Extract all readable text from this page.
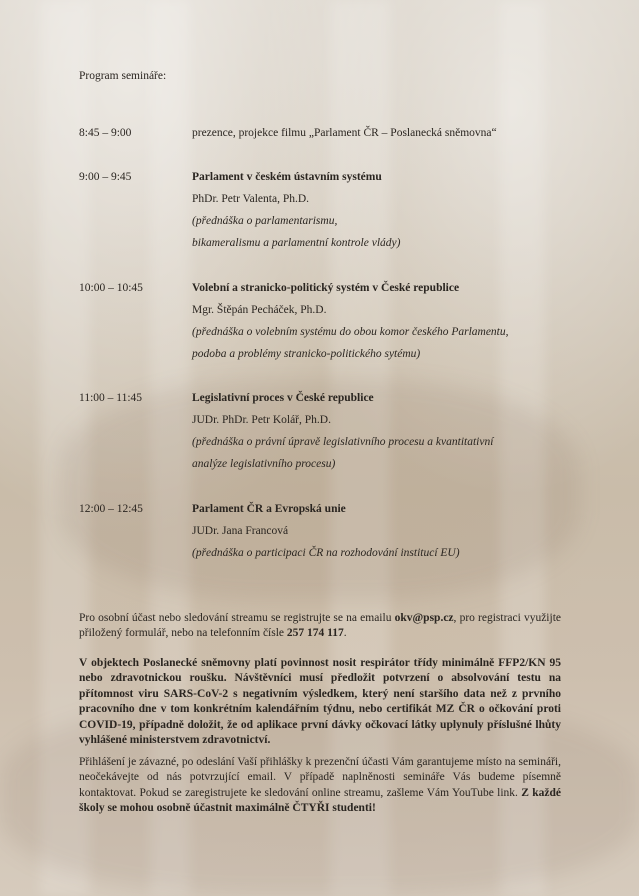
Program semináře:
8:45 – 9:00	prezence, projekce filmu „Parlament ČR – Poslanecká sněmovna“
9:00 – 9:45	Parlament v českém ústavním systému
PhDr. Petr Valenta, Ph.D.
(přednáška o parlamentarismu,
bikameralismu a parlamentní kontrole vlády)
10:00 – 10:45	Volební a stranicko-politický systém v České republice
Mgr. Štěpán Pecháček, Ph.D.
(přednáška o volebním systému do obou komor českého Parlamentu,
podoba a problémy stranicko-politického sytému)
11:00 – 11:45	Legislativní proces v České republice
JUDr. PhDr. Petr Kolář, Ph.D.
(přednáška o právní úpravě legislativního procesu a kvantitativní
analýze legislativního procesu)
12:00 – 12:45	Parlament ČR a Evropská unie
JUDr. Jana Francová
(přednáška o participaci ČR na rozhodování institucí EU)
Pro osobní účast nebo sledování streamu se registrujte se na emailu okv@psp.cz, pro registraci využijte přiložený formulář, nebo na telefonním čísle 257 174 117.
V objektech Poslanecké sněmovny platí povinnost nosit respirátor třídy minimálně FFP2/KN 95 nebo zdravotnickou roušku. Návštěvníci musí předložit potvrzení o absolvování testu na přítomnost viru SARS-CoV-2 s negativním výsledkem, který není staršího data než z prvního pracovního dne v tom konkrétním kalendářním týdnu, nebo certifikát MZ ČR o očkování proti COVID-19, případně doložit, že od aplikace první dávky očkovací látky uplynuly příslušné lhůty vyhlášené ministerstvem zdravotnictví.
Přihlášení je závazné, po odeslání Vaší přihlášky k prezenční účasti Vám garantujeme místo na semináři, neočekávejte od nás potvrzující email. V případě naplněnosti semináře Vás budeme písemně kontaktovat. Pokud se zaregistrujete ke sledování online streamu, zašleme Vám YouTube link. Z každé školy se mohou osobně účastnit maximálně ČTYŘI studenti!
